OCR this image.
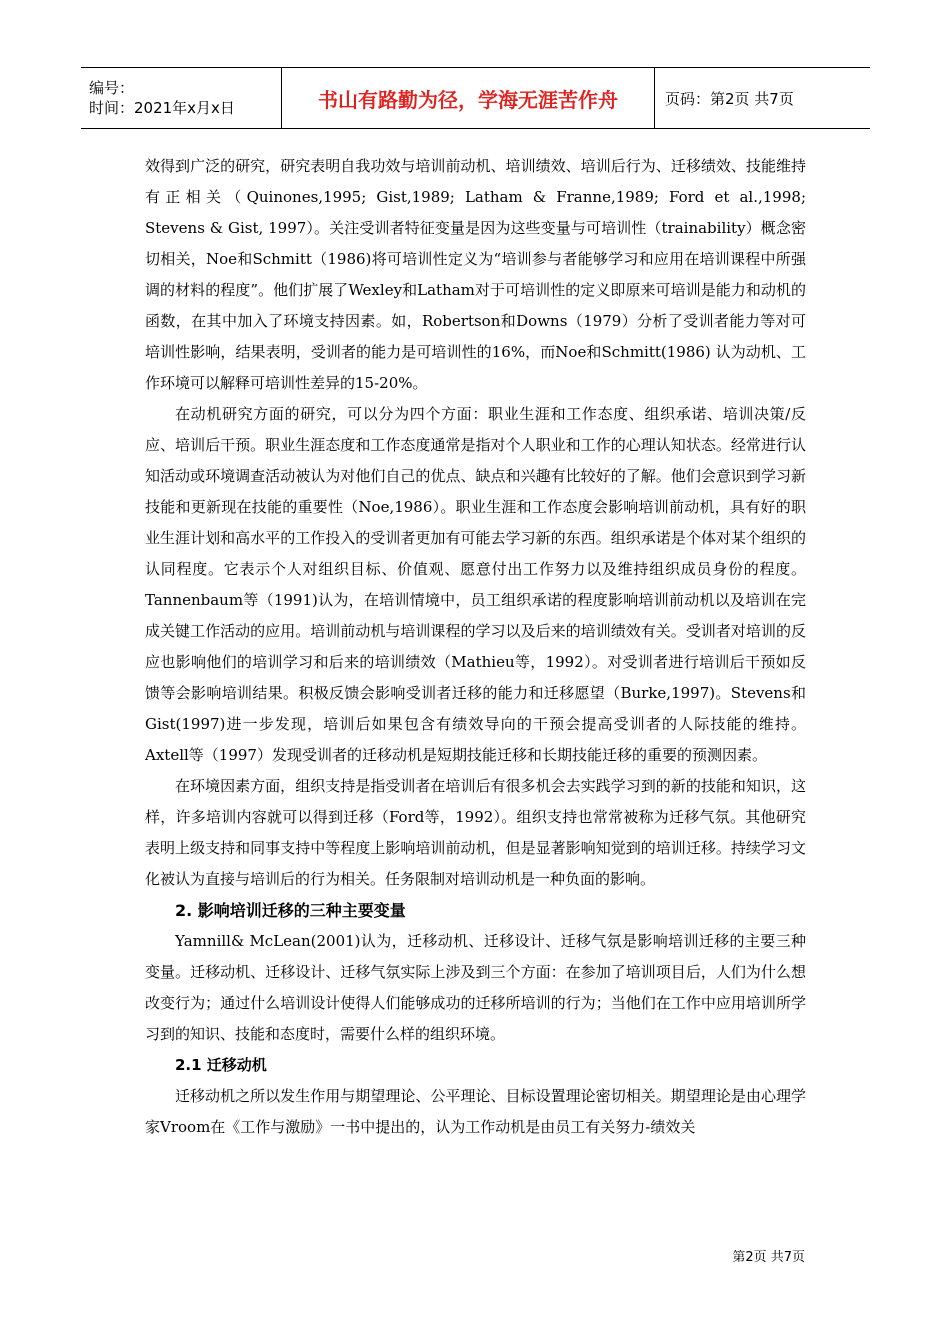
编号：
时间：2021年x月x日	书山有路勤为径，学海无涯苦作舟	页码：第2页 共7页

效得到广泛的研究，研究表明自我功效与培训前动机、培训绩效、培训后行为、迁移绩效、技能维持有正相关（Quinones,1995; Gist,1989; Latham & Franne,1989; Ford et al.,1998; Stevens & Gist, 1997）。关注受训者特征变量是因为这些变量与可培训性（trainability）概念密切相关，Noe和Schmitt（1986)将可培训性定义为“培训参与者能够学习和应用在培训课程中所强调的材料的程度”。他们扩展了Wexley和Latham对于可培训性的定义即原来可培训是能力和动机的函数，在其中加入了环境支持因素。如，Robertson和Downs（1979）分析了受训者能力等对可培训性影响，结果表明，受训者的能力是可培训性的16%，而Noe和Schmitt(1986) 认为动机、工作环境可以解释可培训性差异的15-20%。

在动机研究方面的研究，可以分为四个方面：职业生涯和工作态度、组织承诺、培训决策/反应、培训后干预。职业生涯态度和工作态度通常是指对个人职业和工作的心理认知状态。经常进行认知活动或环境调查活动被认为对他们自己的优点、缺点和兴趣有比较好的了解。他们会意识到学习新技能和更新现在技能的重要性（Noe,1986）。职业生涯和工作态度会影响培训前动机，具有好的职业生涯计划和高水平的工作投入的受训者更加有可能去学习新的东西。组织承诺是个体对某个组织的认同程度。它表示个人对组织目标、价值观、愿意付出工作努力以及维持组织成员身份的程度。Tannenbaum等（1991)认为，在培训情境中，员工组织承诺的程度影响培训前动机以及培训在完成关键工作活动的应用。培训前动机与培训课程的学习以及后来的培训绩效有关。受训者对培训的反应也影响他们的培训学习和后来的培训绩效（Mathieu等，1992）。对受训者进行培训后干预如反馈等会影响培训结果。积极反馈会影响受训者迁移的能力和迁移愿望（Burke,1997)。Stevens和Gist(1997)进一步发现，培训后如果包含有绩效导向的干预会提高受训者的人际技能的维持。Axtell等（1997）发现受训者的迁移动机是短期技能迁移和长期技能迁移的重要的预测因素。

在环境因素方面，组织支持是指受训者在培训后有很多机会去实践学习到的新的技能和知识，这样，许多培训内容就可以得到迁移（Ford等，1992）。组织支持也常常被称为迁移气氛。其他研究表明上级支持和同事支持中等程度上影响培训前动机，但是显著影响知觉到的培训迁移。持续学习文化被认为直接与培训后的行为相关。任务限制对培训动机是一种负面的影响。

2. 影响培训迁移的三种主要变量

Yamnill& McLean(2001)认为，迁移动机、迁移设计、迁移气氛是影响培训迁移的主要三种变量。迁移动机、迁移设计、迁移气氛实际上涉及到三个方面：在参加了培训项目后，人们为什么想改变行为；通过什么培训设计使得人们能够成功的迁移所培训的行为；当他们在工作中应用培训所学习到的知识、技能和态度时，需要什么样的组织环境。

2.1 迁移动机

迁移动机之所以发生作用与期望理论、公平理论、目标设置理论密切相关。期望理论是由心理学家Vroom在《工作与激励》一书中提出的，认为工作动机是由员工有关努力-绩效关

第2页 共7页
